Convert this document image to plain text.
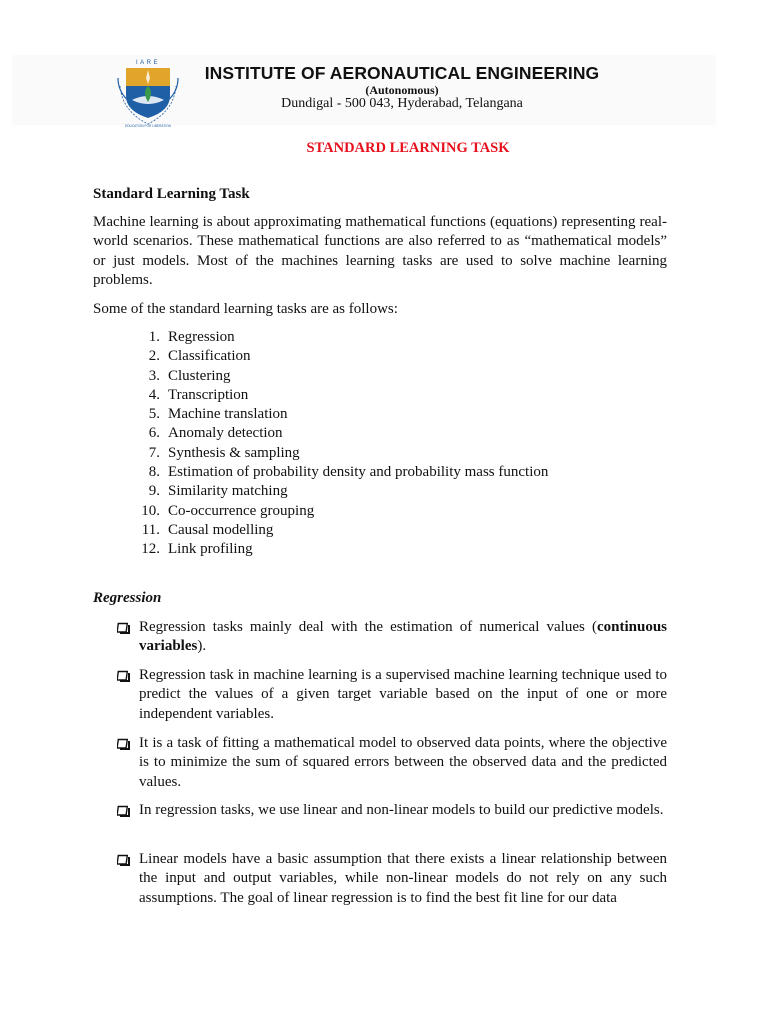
IARE
EDUCATION FOR LIBERATION
INSTITUTE OF AERONAUTICAL ENGINEERING
(Autonomous)
Dundigal - 500 043, Hyderabad, Telangana
STANDARD LEARNING TASK
Standard Learning Task
Machine learning is about approximating mathematical functions (equations) representing real-world scenarios. These mathematical functions are also referred to as “mathematical models” or just models. Most of the machines learning tasks are used to solve machine learning problems.
Some of the standard learning tasks are as follows:
1. Regression
2. Classification
3. Clustering
4. Transcription
5. Machine translation
6. Anomaly detection
7. Synthesis & sampling
8. Estimation of probability density and probability mass function
9. Similarity matching
10. Co-occurrence grouping
11. Causal modelling
12. Link profiling
Regression
Regression tasks mainly deal with the estimation of numerical values (continuous variables).
Regression task in machine learning is a supervised machine learning technique used to predict the values of a given target variable based on the input of one or more independent variables.
It is a task of fitting a mathematical model to observed data points, where the objective is to minimize the sum of squared errors between the observed data and the predicted values.
In regression tasks, we use linear and non-linear models to build our predictive models.
Linear models have a basic assumption that there exists a linear relationship between the input and output variables, while non-linear models do not rely on any such assumptions. The goal of linear regression is to find the best fit line for our data
